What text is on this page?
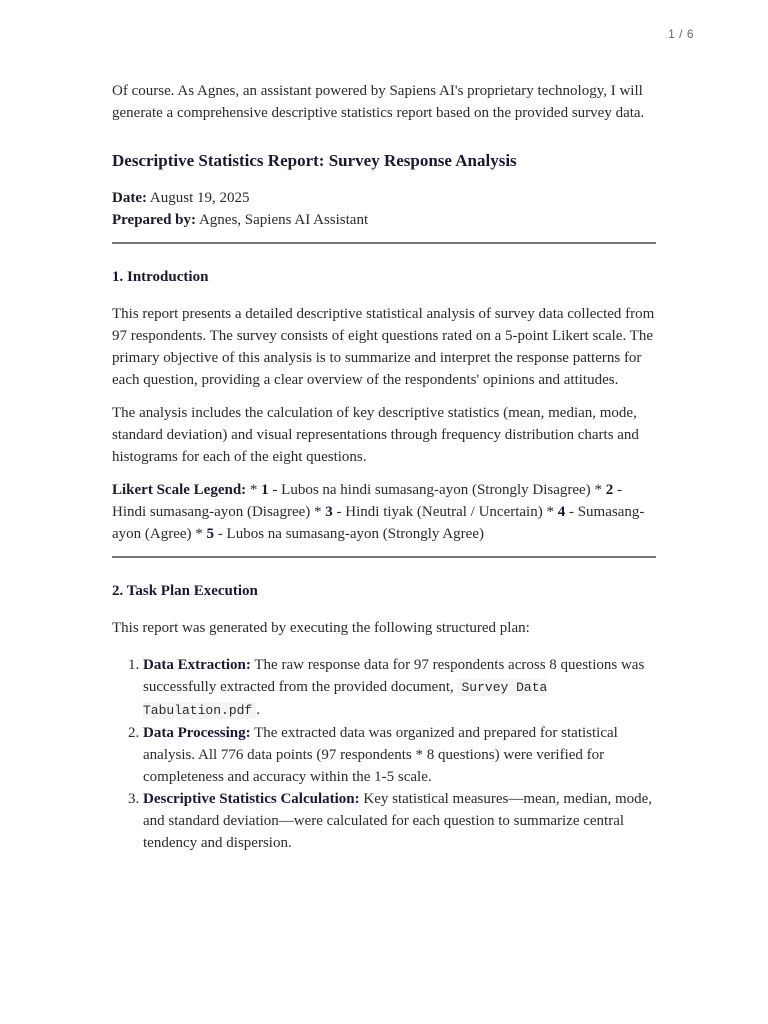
1 / 6

Of course. As Agnes, an assistant powered by Sapiens AI's proprietary technology, I will generate a comprehensive descriptive statistics report based on the provided survey data.

Descriptive Statistics Report: Survey Response Analysis

Date: August 19, 2025

Prepared by: Agnes, Sapiens AI Assistant

1. Introduction

This report presents a detailed descriptive statistical analysis of survey data collected from 97 respondents. The survey consists of eight questions rated on a 5-point Likert scale. The primary objective of this analysis is to summarize and interpret the response patterns for each question, providing a clear overview of the respondents' opinions and attitudes.

The analysis includes the calculation of key descriptive statistics (mean, median, mode, standard deviation) and visual representations through frequency distribution charts and histograms for each of the eight questions.

Likert Scale Legend: * 1 - Lubos na hindi sumasang-ayon (Strongly Disagree) * 2 - Hindi sumasang-ayon (Disagree) * 3 - Hindi tiyak (Neutral / Uncertain) * 4 - Sumasang-ayon (Agree) * 5 - Lubos na sumasang-ayon (Strongly Agree)

2. Task Plan Execution

This report was generated by executing the following structured plan:

1. Data Extraction: The raw response data for 97 respondents across 8 questions was successfully extracted from the provided document, Survey Data Tabulation.pdf .
2. Data Processing: The extracted data was organized and prepared for statistical analysis. All 776 data points (97 respondents * 8 questions) were verified for completeness and accuracy within the 1-5 scale.
3. Descriptive Statistics Calculation: Key statistical measures—mean, median, mode, and standard deviation—were calculated for each question to summarize central tendency and dispersion.
